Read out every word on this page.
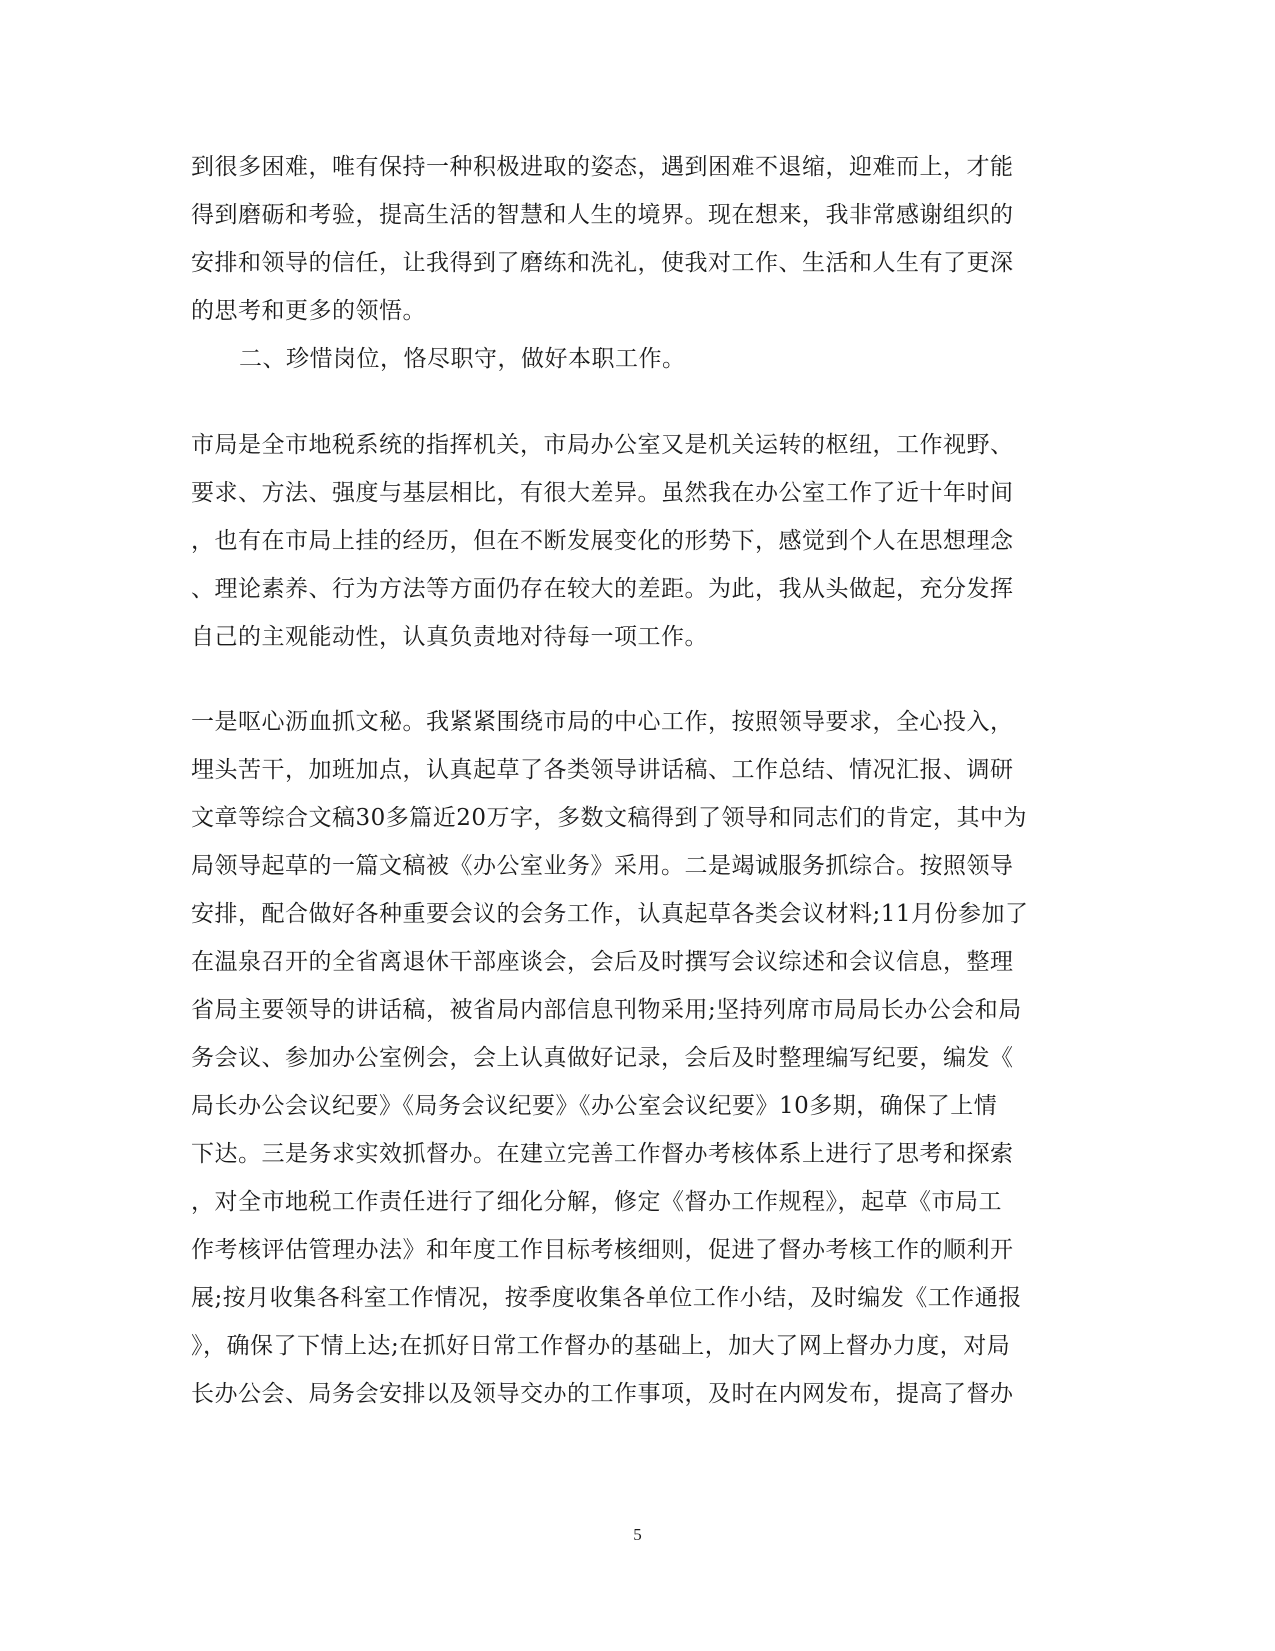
到很多困难，唯有保持一种积极进取的姿态，遇到困难不退缩，迎难而上，才能
得到磨砺和考验，提高生活的智慧和人生的境界。现在想来，我非常感谢组织的
安排和领导的信任，让我得到了磨练和洗礼，使我对工作、生活和人生有了更深
的思考和更多的领悟。
二、珍惜岗位，恪尽职守，做好本职工作。
市局是全市地税系统的指挥机关，市局办公室又是机关运转的枢纽，工作视野、
要求、方法、强度与基层相比，有很大差异。虽然我在办公室工作了近十年时间
，也有在市局上挂的经历，但在不断发展变化的形势下，感觉到个人在思想理念
、理论素养、行为方法等方面仍存在较大的差距。为此，我从头做起，充分发挥
自己的主观能动性，认真负责地对待每一项工作。
一是呕心沥血抓文秘。我紧紧围绕市局的中心工作，按照领导要求，全心投入，
埋头苦干，加班加点，认真起草了各类领导讲话稿、工作总结、情况汇报、调研
文章等综合文稿30多篇近20万字，多数文稿得到了领导和同志们的肯定，其中为
局领导起草的一篇文稿被《办公室业务》采用。二是竭诚服务抓综合。按照领导
安排，配合做好各种重要会议的会务工作，认真起草各类会议材料;11月份参加了
在温泉召开的全省离退休干部座谈会，会后及时撰写会议综述和会议信息，整理
省局主要领导的讲话稿，被省局内部信息刊物采用;坚持列席市局局长办公会和局
务会议、参加办公室例会，会上认真做好记录，会后及时整理编写纪要，编发《
局长办公会议纪要》《局务会议纪要》《办公室会议纪要》10多期，确保了上情
下达。三是务求实效抓督办。在建立完善工作督办考核体系上进行了思考和探索
，对全市地税工作责任进行了细化分解，修定《督办工作规程》，起草《市局工
作考核评估管理办法》和年度工作目标考核细则，促进了督办考核工作的顺利开
展;按月收集各科室工作情况，按季度收集各单位工作小结，及时编发《工作通报
》，确保了下情上达;在抓好日常工作督办的基础上，加大了网上督办力度，对局
长办公会、局务会安排以及领导交办的工作事项，及时在内网发布，提高了督办
5
